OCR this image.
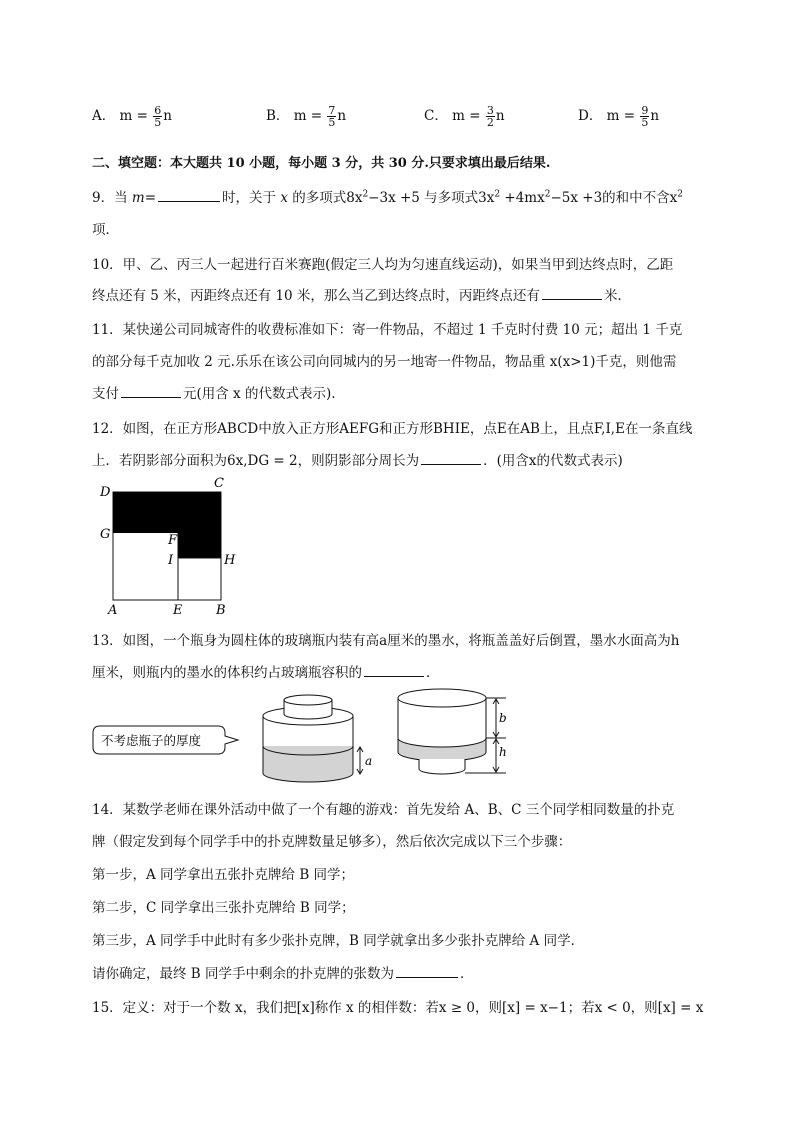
A． $m = \frac{6}{5}$ n	B． $m = \frac{7}{5}$ n	C． $m = \frac{3}{2}$ n	D． $m = \frac{9}{5}$ n
二、填空题：本大题共 10 小题，每小题 3 分，共 30 分.只要求填出最后结果.
9．当 m=	时，关于 x 的多项式$8x^2-3x +5$ 与多项式$3x^2 +4mx^2-5x +3$的和中不含$x^2$
项．
10．甲、乙、丙三人一起进行百米赛跑(假定三人均为匀速直线运动)，如果当甲到达终点时，乙距
终点还有 5 米，丙距终点还有 10 米，那么当乙到达终点时，丙距终点还有	米.
11．某快递公司同城寄件的收费标准如下：寄一件物品，不超过 1 千克时付费 10 元；超出 1 千克
的部分每千克加收 2 元.乐乐在该公司向同城内的另一地寄一件物品，物品重 x(x>1)千克，则他需
支付	元(用含 x 的代数式表示).
12．如图，在正方形ABCD中放入正方形AEFG和正方形BHIE，点E在AB上，且点F,I,E在一条直线
上．若阴影部分面积为6x,DG = 2，则阴影部分周长为	．(用含x的代数式表示)
D
C
G	F
I	H
A	E	B
13．如图，一个瓶身为圆柱体的玻璃瓶内装有高a厘米的墨水，将瓶盖盖好后倒置，墨水水面高为h
厘米，则瓶内的墨水的体积约占玻璃瓶容积的	．
不考虑瓶子的厚度
a
b
h
14．某数学老师在课外活动中做了一个有趣的游戏：首先发给 A、B、C 三个同学相同数量的扑克
牌（假定发到每个同学手中的扑克牌数量足够多），然后依次完成以下三个步骤：
第一步，A 同学拿出五张扑克牌给 B 同学；
第二步，C 同学拿出三张扑克牌给 B 同学；
第三步，A 同学手中此时有多少张扑克牌，B 同学就拿出多少张扑克牌给 A 同学．
请你确定，最终 B 同学手中剩余的扑克牌的张数为	．
15．定义：对于一个数 x，我们把[x]称作 x 的相伴数：若x ≥ 0，则[x] = x−1；若x < 0，则[x] = x
